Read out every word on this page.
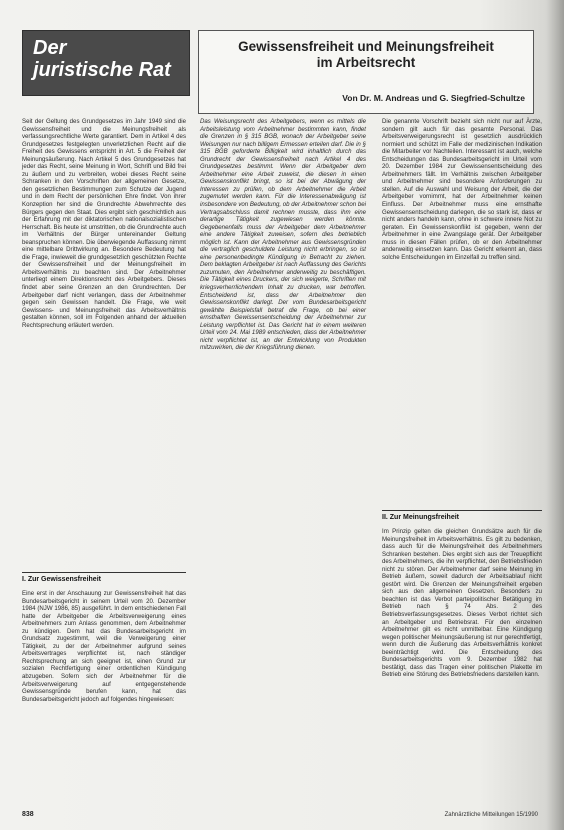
Der
juristische Rat
Gewissensfreiheit und Meinungsfreiheit
im Arbeitsrecht
Von Dr. M. Andreas und G. Siegfried-Schultze

Seit der Geltung des Grundgesetzes im Jahr 1949 sind die Gewissensfreiheit und die Meinungsfreiheit als verfassungsrechtliche Werte garantiert. Dem in Artikel 4 des Grundgesetzes festgelegten unverletzlichen Recht auf die Freiheit des Gewissens entspricht in Art. 5 die Freiheit der Meinungsäußerung. Nach Artikel 5 des Grundgesetzes hat jeder das Recht, seine Meinung in Wort, Schrift und Bild frei zu äußern und zu verbreiten, wobei dieses Recht seine Schranken in den Vorschriften der allgemeinen Gesetze, den gesetzlichen Bestimmungen zum Schutze der Jugend und in dem Recht der persönlichen Ehre findet. Von ihrer Konzeption her sind die Grundrechte Abwehrrechte des Bürgers gegen den Staat. Dies ergibt sich geschichtlich aus der Erfahrung mit der diktatorischen nationalsozialistischen Herrschaft. Bis heute ist umstritten, ob die Grundrechte auch im Verhältnis der Bürger untereinander Geltung beanspruchen können. Die überwiegende Auffassung nimmt eine mittelbare Drittwirkung an. Besondere Bedeutung hat die Frage, inwieweit die grundgesetzlich geschützten Rechte der Gewissensfreiheit und der Meinungsfreiheit im Arbeitsverhältnis zu beachten sind. Der Arbeitnehmer unterliegt einem Direktionsrecht des Arbeitgebers. Dieses findet aber seine Grenzen an den Grundrechten. Der Arbeitgeber darf nicht verlangen, dass der Arbeitnehmer gegen sein Gewissen handelt. Die Frage, wie weit Gewissens- und Meinungsfreiheit das Arbeitsverhältnis gestalten können, soll im Folgenden anhand der aktuellen Rechtsprechung erläutert werden.

I. Zur Gewissensfreiheit

Eine erst in der Anschauung zur Gewissensfreiheit hat das Bundesarbeitsgericht in seinem Urteil vom 20. Dezember 1984 (NJW 1986, 85) ausgeführt. In dem entschiedenen Fall hatte der Arbeitgeber die Arbeitsverweigerung eines Arbeitnehmers zum Anlass genommen, dem Arbeitnehmer zu kündigen. Dem hat das Bundesarbeitsgericht im Grundsatz zugestimmt, weil die Verweigerung einer Tätigkeit, zu der der Arbeitnehmer aufgrund seines Arbeitsvertrages verpflichtet ist, nach ständiger Rechtsprechung an sich geeignet ist, einen Grund zur sozialen Rechtfertigung einer ordentlichen Kündigung abzugeben. Sofern sich der Arbeitnehmer für die Arbeitsverweigerung auf entgegenstehende Gewissensgründe berufen kann, hat das Bundesarbeitsgericht jedoch auf folgendes hingewiesen:

Das Weisungsrecht des Arbeitgebers, wenn es mittels die Arbeitsleistung vom Arbeitnehmer bestimmten kann, findet die Grenzen in § 315 BGB, wonach der Arbeitgeber seine Weisungen nur nach billigem Ermessen erteilen darf. Die in § 315 BGB geforderte Billigkeit wird inhaltlich durch das Grundrecht der Gewissensfreiheit nach Artikel 4 des Grundgesetzes bestimmt. Wenn der Arbeitgeber dem Arbeitnehmer eine Arbeit zuweist, die diesen in einen Gewissenskonflikt bringt, so ist bei der Abwägung der Interessen zu prüfen, ob dem Arbeitnehmer die Arbeit zugemutet werden kann. Für die Interessenabwägung ist insbesondere von Bedeutung, ob der Arbeitnehmer schon bei Vertragsabschluss damit rechnen musste, dass ihm eine derartige Tätigkeit zugewiesen werden könnte. Gegebenenfalls muss der Arbeitgeber dem Arbeitnehmer eine andere Tätigkeit zuweisen, sofern dies betrieblich möglich ist. Kann der Arbeitnehmer aus Gewissensgründen die vertraglich geschuldete Leistung nicht erbringen, so ist eine personenbedingte Kündigung in Betracht zu ziehen. Dem beklagten Arbeitgeber ist nach Auffassung des Gerichts zuzumuten, den Arbeitnehmer anderweitig zu beschäftigen. Die Tätigkeit eines Druckers, der sich weigerte, Schriften mit kriegsverherrlichendem Inhalt zu drucken, war betroffen. Entscheidend ist, dass der Arbeitnehmer den Gewissenskonflikt darlegt. Der vom Bundesarbeitsgericht gewählte Beispielsfall betraf die Frage, ob bei einer ernsthaften Gewissensentscheidung der Arbeitnehmer zur Leistung verpflichtet ist. Das Gericht hat in einem weiteren Urteil vom 24. Mai 1989 entschieden, dass der Arbeitnehmer nicht verpflichtet ist, an der Entwicklung von Produkten mitzuwirken, die der Kriegsführung dienen.

Die genannte Vorschrift bezieht sich nicht nur auf Ärzte, sondern gilt auch für das gesamte Personal. Das Arbeitsverweigerungsrecht ist gesetzlich ausdrücklich normiert und schützt im Falle der medizinischen Indikation die Mitarbeiter vor Nachteilen. Interessant ist auch, welche Entscheidungen das Bundesarbeitsgericht im Urteil vom 20. Dezember 1984 zur Gewissensentscheidung des Arbeitnehmers fällt. Im Verhältnis zwischen Arbeitgeber und Arbeitnehmer sind besondere Anforderungen zu stellen. Auf die Auswahl und Weisung der Arbeit, die der Arbeitgeber vornimmt, hat der Arbeitnehmer keinen Einfluss. Der Arbeitnehmer muss eine ernsthafte Gewissensentscheidung darlegen, die so stark ist, dass er nicht anders handeln kann, ohne in schwere innere Not zu geraten. Ein Gewissenskonflikt ist gegeben, wenn der Arbeitnehmer in eine Zwangslage gerät. Der Arbeitgeber muss in diesen Fällen prüfen, ob er den Arbeitnehmer anderweitig einsetzen kann. Das Gericht erkennt an, dass solche Entscheidungen im Einzelfall zu treffen sind.

II. Zur Meinungsfreiheit

Im Prinzip gelten die gleichen Grundsätze auch für die Meinungsfreiheit im Arbeitsverhältnis. Es gilt zu bedenken, dass auch für die Meinungsfreiheit des Arbeitnehmers Schranken bestehen. Dies ergibt sich aus der Treuepflicht des Arbeitnehmers, die ihn verpflichtet, den Betriebsfrieden nicht zu stören. Der Arbeitnehmer darf seine Meinung im Betrieb äußern, soweit dadurch der Arbeitsablauf nicht gestört wird. Die Grenzen der Meinungsfreiheit ergeben sich aus den allgemeinen Gesetzen. Besonders zu beachten ist das Verbot parteipolitischer Betätigung im Betrieb nach § 74 Abs. 2 des Betriebsverfassungsgesetzes. Dieses Verbot richtet sich an Arbeitgeber und Betriebsrat. Für den einzelnen Arbeitnehmer gilt es nicht unmittelbar. Eine Kündigung wegen politischer Meinungsäußerung ist nur gerechtfertigt, wenn durch die Äußerung das Arbeitsverhältnis konkret beeinträchtigt wird. Die Entscheidung des Bundesarbeitsgerichts vom 9. Dezember 1982 hat bestätigt, dass das Tragen einer politischen Plakette im Betrieb eine Störung des Betriebsfriedens darstellen kann.

838	Zahnärztliche Mitteilungen 15/1990
